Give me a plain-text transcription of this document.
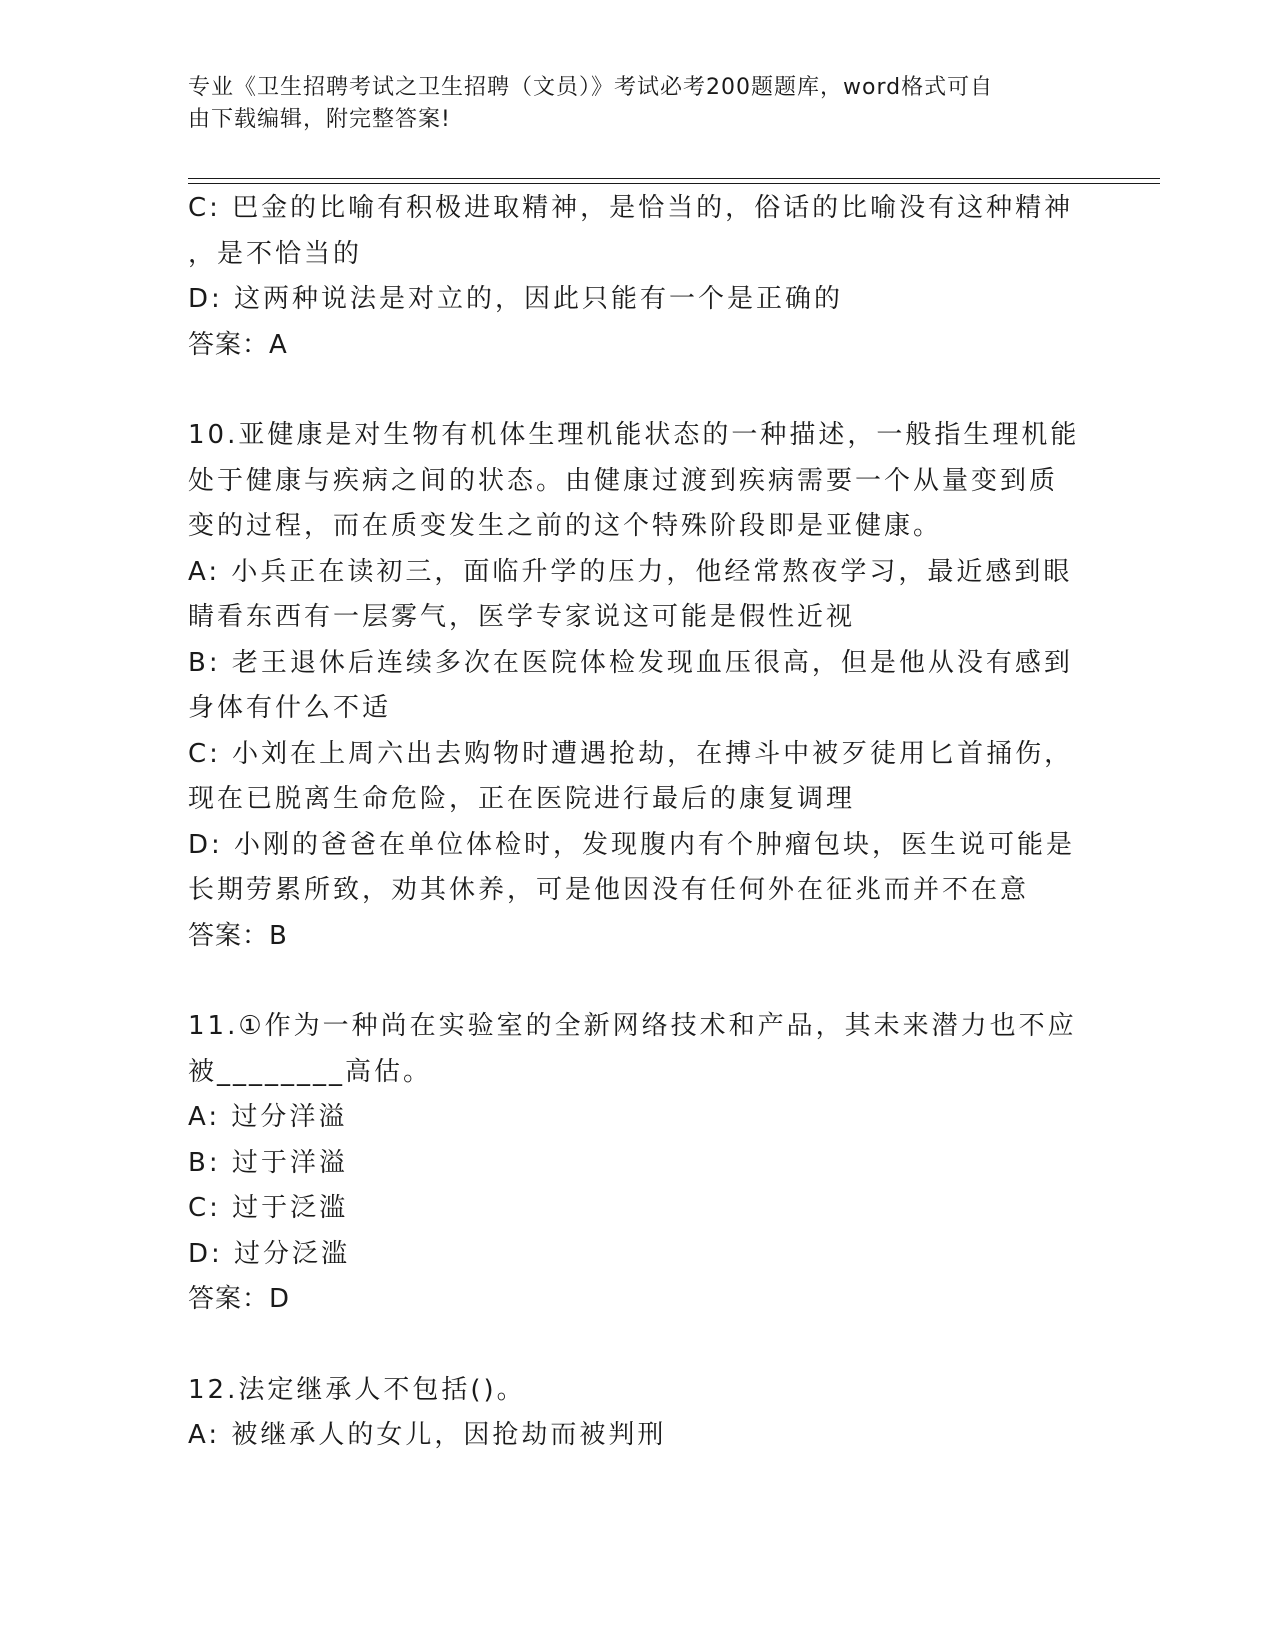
专业《卫生招聘考试之卫生招聘（文员）》考试必考200题题库，word格式可自
由下载编辑，附完整答案!
C: 巴金的比喻有积极进取精神，是恰当的，俗话的比喻没有这种精神
，是不恰当的
D: 这两种说法是对立的，因此只能有一个是正确的
答案：A
10.亚健康是对生物有机体生理机能状态的一种描述，一般指生理机能
处于健康与疾病之间的状态。由健康过渡到疾病需要一个从量变到质
变的过程，而在质变发生之前的这个特殊阶段即是亚健康。
A: 小兵正在读初三，面临升学的压力，他经常熬夜学习，最近感到眼
睛看东西有一层雾气，医学专家说这可能是假性近视
B: 老王退休后连续多次在医院体检发现血压很高，但是他从没有感到
身体有什么不适
C: 小刘在上周六出去购物时遭遇抢劫，在搏斗中被歹徒用匕首捅伤，
现在已脱离生命危险，正在医院进行最后的康复调理
D: 小刚的爸爸在单位体检时，发现腹内有个肿瘤包块，医生说可能是
长期劳累所致，劝其休养，可是他因没有任何外在征兆而并不在意
答案：B
11.①作为一种尚在实验室的全新网络技术和产品，其未来潜力也不应
被________高估。
A: 过分洋溢
B: 过于洋溢
C: 过于泛滥
D: 过分泛滥
答案：D
12.法定继承人不包括()。
A: 被继承人的女儿，因抢劫而被判刑
